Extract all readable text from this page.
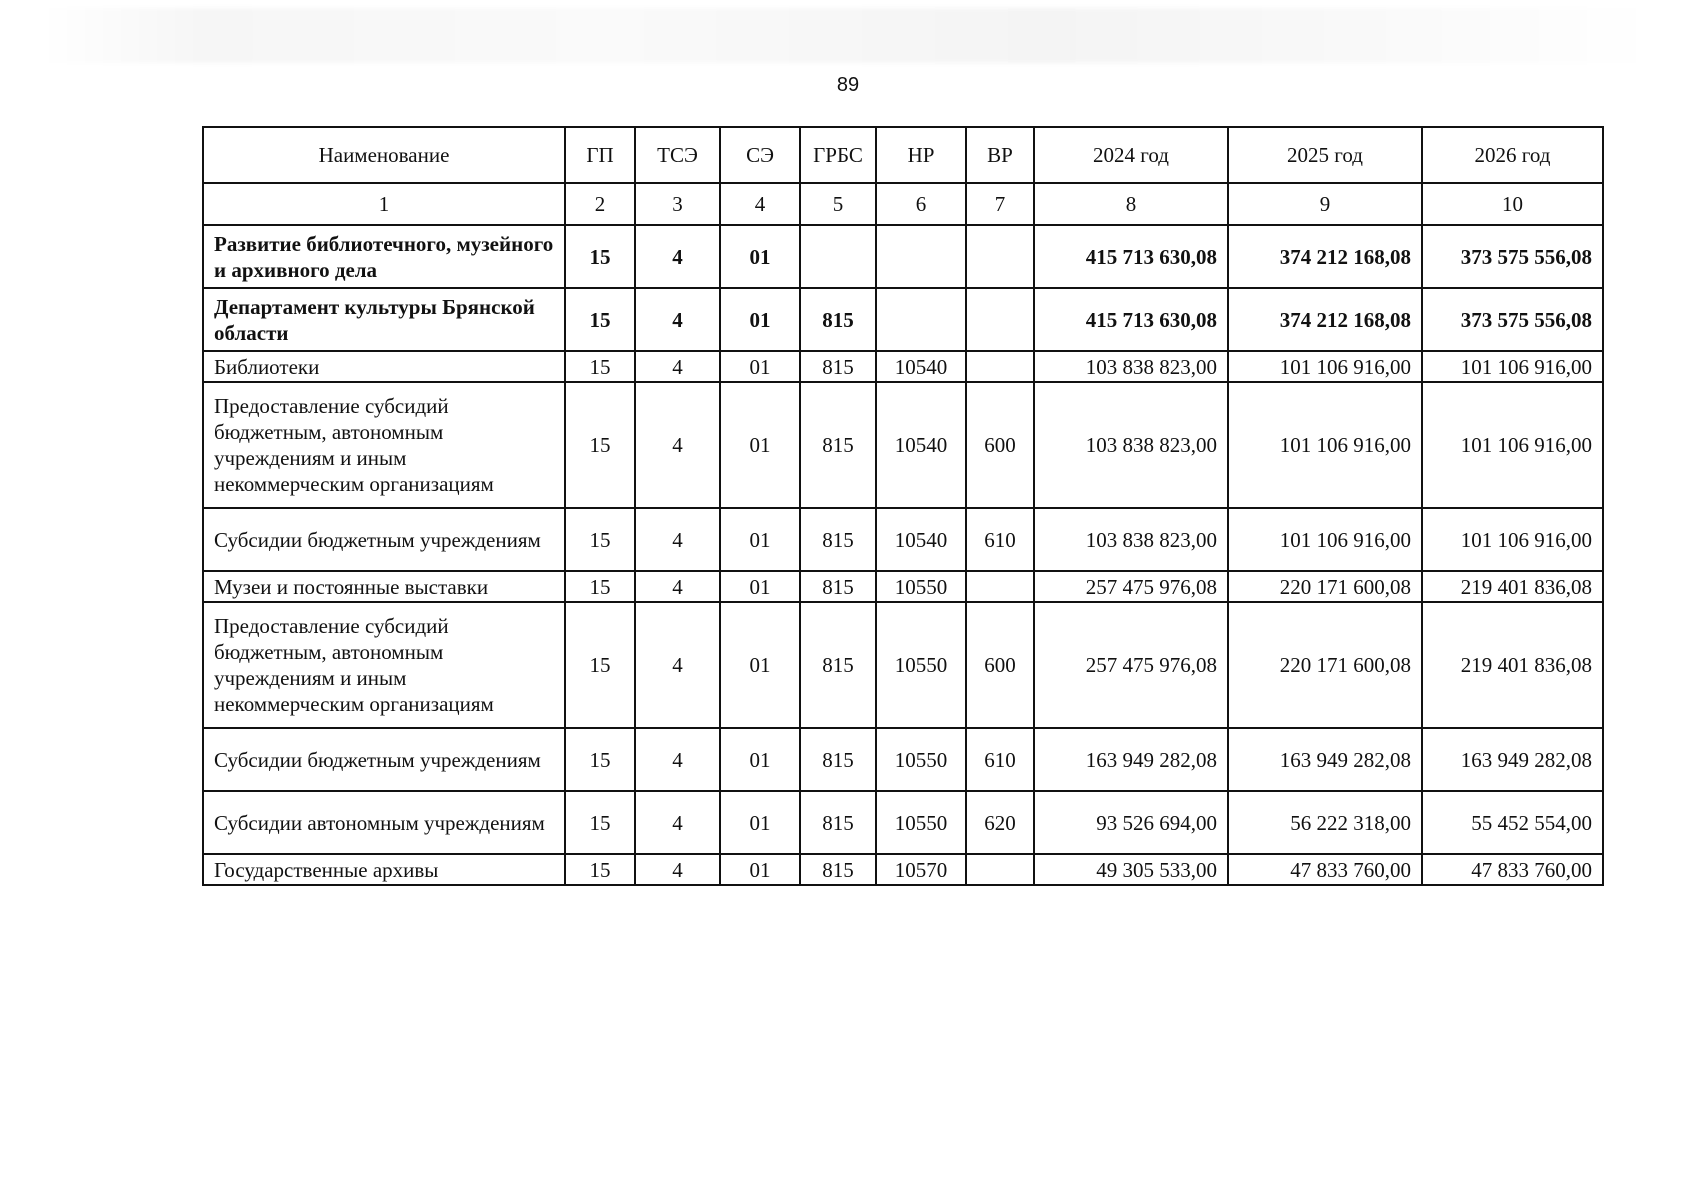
89
Наименование	ГП	ТСЭ	СЭ	ГРБС	НР	ВР	2024 год	2025 год	2026 год
1	2	3	4	5	6	7	8	9	10
Развитие библиотечного, музейного и архивного дела	15	4	01				415 713 630,08	374 212 168,08	373 575 556,08
Департамент культуры Брянской области	15	4	01	815			415 713 630,08	374 212 168,08	373 575 556,08
Библиотеки	15	4	01	815	10540		103 838 823,00	101 106 916,00	101 106 916,00
Предоставление субсидий бюджетным, автономным учреждениям и иным некоммерческим организациям	15	4	01	815	10540	600	103 838 823,00	101 106 916,00	101 106 916,00
Субсидии бюджетным учреждениям	15	4	01	815	10540	610	103 838 823,00	101 106 916,00	101 106 916,00
Музеи и постоянные выставки	15	4	01	815	10550		257 475 976,08	220 171 600,08	219 401 836,08
Предоставление субсидий бюджетным, автономным учреждениям и иным некоммерческим организациям	15	4	01	815	10550	600	257 475 976,08	220 171 600,08	219 401 836,08
Субсидии бюджетным учреждениям	15	4	01	815	10550	610	163 949 282,08	163 949 282,08	163 949 282,08
Субсидии автономным учреждениям	15	4	01	815	10550	620	93 526 694,00	56 222 318,00	55 452 554,00
Государственные архивы	15	4	01	815	10570		49 305 533,00	47 833 760,00	47 833 760,00
